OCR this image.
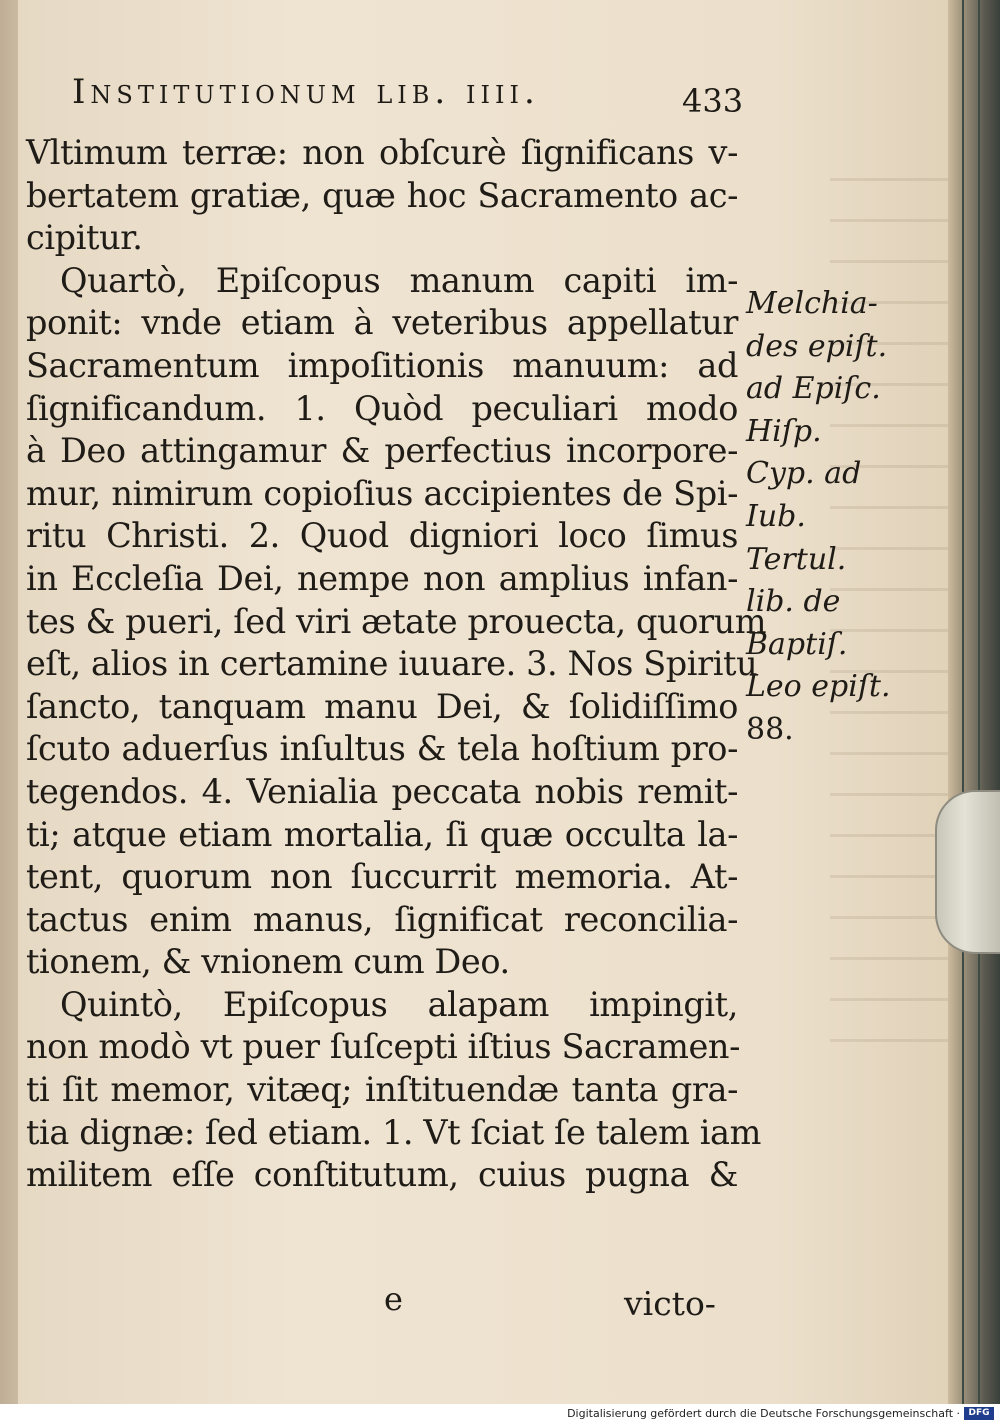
Institutionum lib. iiii.	433
Vltimum terræ: non obſcurè ſignificans v-
bertatem gratiæ, quæ hoc Sacramento ac-
cipitur.
Quartò, Epiſcopus manum capiti im-
ponit: vnde etiam à veteribus appellatur
Sacramentum impoſitionis manuum: ad
ſignificandum. 1. Quòd peculiari modo
à Deo attingamur & perfectius incorpore-
mur, nimirum copioſius accipientes de Spi-
ritu Christi. 2. Quod digniori loco ſimus
in Eccleſia Dei, nempe non amplius infan-
tes & pueri, ſed viri ætate prouecta, quorum
eſt, alios in certamine iuuare. 3. Nos Spiritu
ſancto, tanquam manu Dei, & ſolidiſſimo
ſcuto aduerſus inſultus & tela hoſtium pro-
tegendos. 4. Venialia peccata nobis remit-
ti; atque etiam mortalia, ſi quæ occulta la-
tent, quorum non ſuccurrit memoria. At-
tactus enim manus, ſignificat reconcilia-
tionem, & vnionem cum Deo.
Quintò, Epiſcopus alapam impingit,
non modò vt puer ſuſcepti iſtius Sacramen-
ti ſit memor, vitæq; inſtituendæ tanta gra-
tia dignæ: ſed etiam. 1. Vt ſciat ſe talem iam
militem eſſe conſtitutum, cuius pugna &
Melchia-
des epiſt.
ad Epiſc.
Hiſp.
Cyp. ad
Iub.
Tertul.
lib. de
Baptiſ.
Leo epiſt.
88.
e	victo-
Digitalisierung gefördert durch die Deutsche Forschungsgemeinschaft · DFG
